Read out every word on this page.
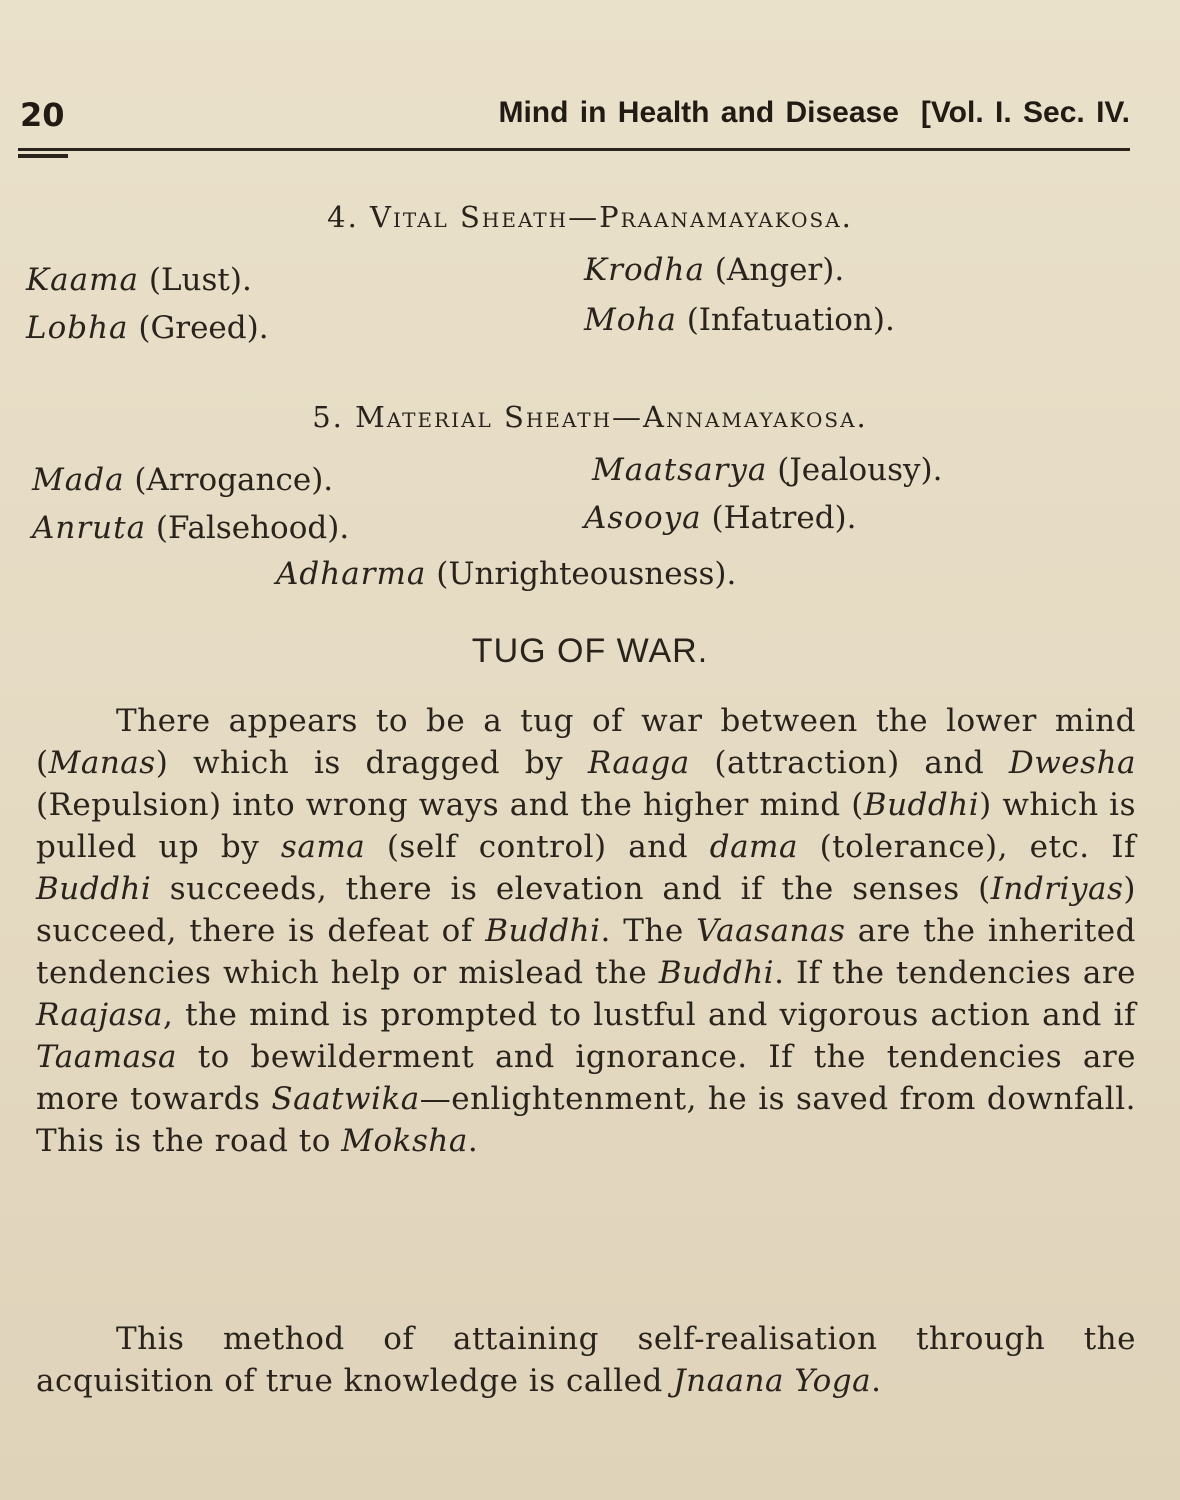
20	Mind in Health and Disease [Vol. I. Sec. IV.
4. Vital Sheath—Praanamayakosa.
Kaama (Lust).	Krodha (Anger).
Lobha (Greed).	Moha (Infatuation).
5. Material Sheath—Annamayakosa.
Mada (Arrogance).	Maatsarya (Jealousy).
Anruta (Falsehood).	Asooya (Hatred).
Adharma (Unrighteousness).
TUG OF WAR.

There appears to be a tug of war between the lower mind (Manas) which is dragged by Raaga (attraction) and Dwesha (Repulsion) into wrong ways and the higher mind (Buddhi) which is pulled up by sama (self control) and dama (tolerance), etc. If Buddhi succeeds, there is elevation and if the senses (Indriyas) succeed, there is defeat of Buddhi. The Vaasanas are the inherited tendencies which help or mislead the Buddhi. If the tendencies are Raajasa, the mind is prompted to lustful and vigorous action and if Taamasa to bewilderment and ignorance. If the tendencies are more towards Saatwika—enlightenment, he is saved from downfall. This is the road to Moksha.

This method of attaining self-realisation through the acquisition of true knowledge is called Jnaana Yoga.
